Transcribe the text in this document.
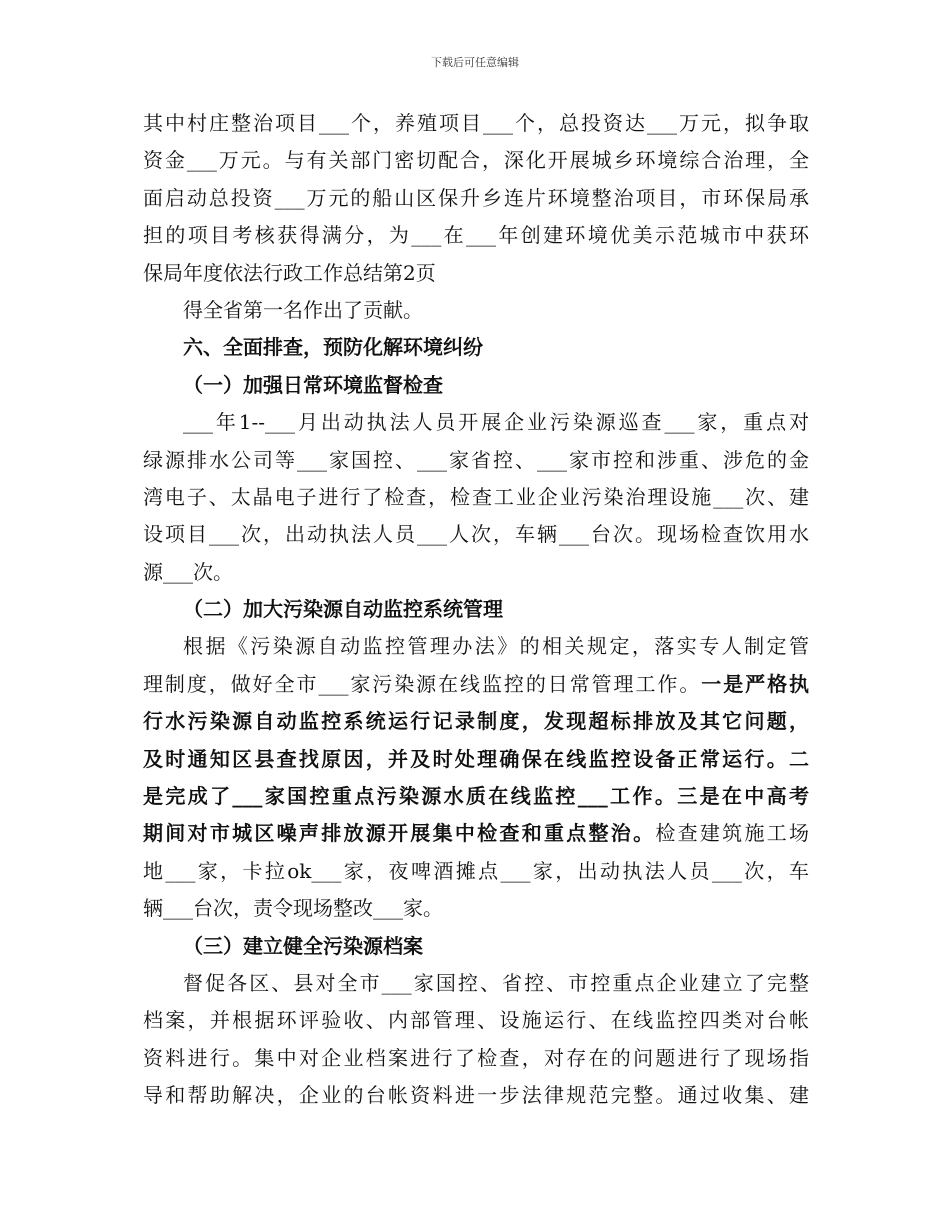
下载后可任意编辑
其中村庄整治项目___个，养殖项目___个，总投资达___万元，拟争取
资金___万元。与有关部门密切配合，深化开展城乡环境综合治理，全
面启动总投资___万元的船山区保升乡连片环境整治项目，市环保局承
担的项目考核获得满分，为___在___年创建环境优美示范城市中获环
保局年度依法行政工作总结第2页
得全省第一名作出了贡献。
六、全面排查，预防化解环境纠纷
（一）加强日常环境监督检查
___年1--___月出动执法人员开展企业污染源巡查___家，重点对
绿源排水公司等___家国控、___家省控、___家市控和涉重、涉危的金
湾电子、太晶电子进行了检查，检查工业企业污染治理设施___次、建
设项目___次，出动执法人员___人次，车辆___台次。现场检查饮用水
源___次。
（二）加大污染源自动监控系统管理
根据《污染源自动监控管理办法》的相关规定，落实专人制定管
理制度，做好全市___家污染源在线监控的日常管理工作。一是严格执
行水污染源自动监控系统运行记录制度，发现超标排放及其它问题，
及时通知区县查找原因，并及时处理确保在线监控设备正常运行。二
是完成了___家国控重点污染源水质在线监控___工作。三是在中高考
期间对市城区噪声排放源开展集中检查和重点整治。检查建筑施工场
地___家，卡拉ok___家，夜啤酒摊点___家，出动执法人员___次，车
辆___台次，责令现场整改___家。
（三）建立健全污染源档案
督促各区、县对全市___家国控、省控、市控重点企业建立了完整
档案，并根据环评验收、内部管理、设施运行、在线监控四类对台帐
资料进行。集中对企业档案进行了检查，对存在的问题进行了现场指
导和帮助解决，企业的台帐资料进一步法律规范完整。通过收集、建
